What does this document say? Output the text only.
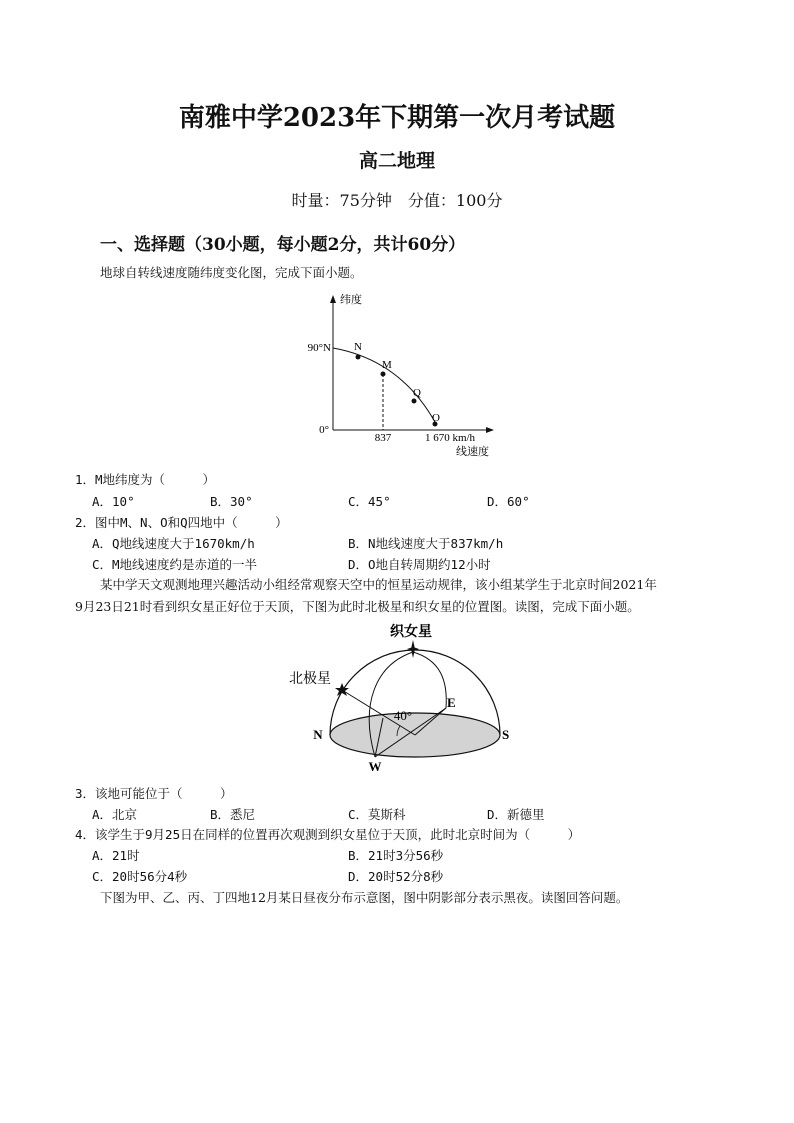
南雅中学2023年下期第一次月考试题
高二地理
时量：75分钟　分值：100分
一、选择题（30小题，每小题2分，共计60分）
地球自转线速度随纬度变化图，完成下面小题。
纬度
90°N
0°
837	1 670 km/h
线速度
N
M
Q
O
1．M地纬度为（　　　）
A．10°	B．30°	C．45°	D．60°
2．图中M、N、O和Q四地中（　　　）
A．Q地线速度大于1670km/h	B．N地线速度大于837km/h
C．M地线速度约是赤道的一半	D．O地自转周期约12小时
某中学天文观测地理兴趣活动小组经常观察天空中的恒星运动规律，该小组某学生于北京时间2021年
9月23日21时看到织女星正好位于天顶，下图为此时北极星和织女星的位置图。读图，完成下面小题。
织女星
北极星
40°
N	S
E
W
3．该地可能位于（　　　）
A．北京	B．悉尼	C．莫斯科	D．新德里
4．该学生于9月25日在同样的位置再次观测到织女星位于天顶，此时北京时间为（　　　）
A．21时	B．21时3分56秒
C．20时56分4秒	D．20时52分8秒
下图为甲、乙、丙、丁四地12月某日昼夜分布示意图，图中阴影部分表示黑夜。读图回答问题。
